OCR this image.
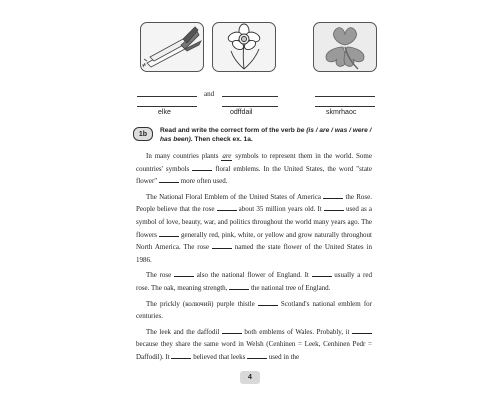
and
elke	odffdail	skmrhaoc
1b	Read and write the correct form of the verb be (is / are / was / were / has been). Then check ex. 1a.

In many countries plants are symbols to represent them in the world. Some countries' symbols	floral emblems. In the United States, the word "state flower"	more often used.

The National Floral Emblem of the United States of America	the Rose. People believe that the rose	about 35 million years old. It	used as a symbol of love, beauty, war, and politics throughout the world many years ago. The flowers	generally red, pink, white, or yellow and grow naturally throughout North America. The rose	named the state flower of the United States in 1986.

The rose	also the national flower of England. It	usually a red rose. The oak, meaning strength,	the national tree of England.

The prickly (колючий) purple thistle	Scotland's national emblem for centuries.

The leek and the daffodil	both emblems of Wales. Probably, it  because they share the same word in Welsh (Cenhinen = Leek, Cenhinen Pedr = Daffodil). It	believed that leeks	used in the

4
